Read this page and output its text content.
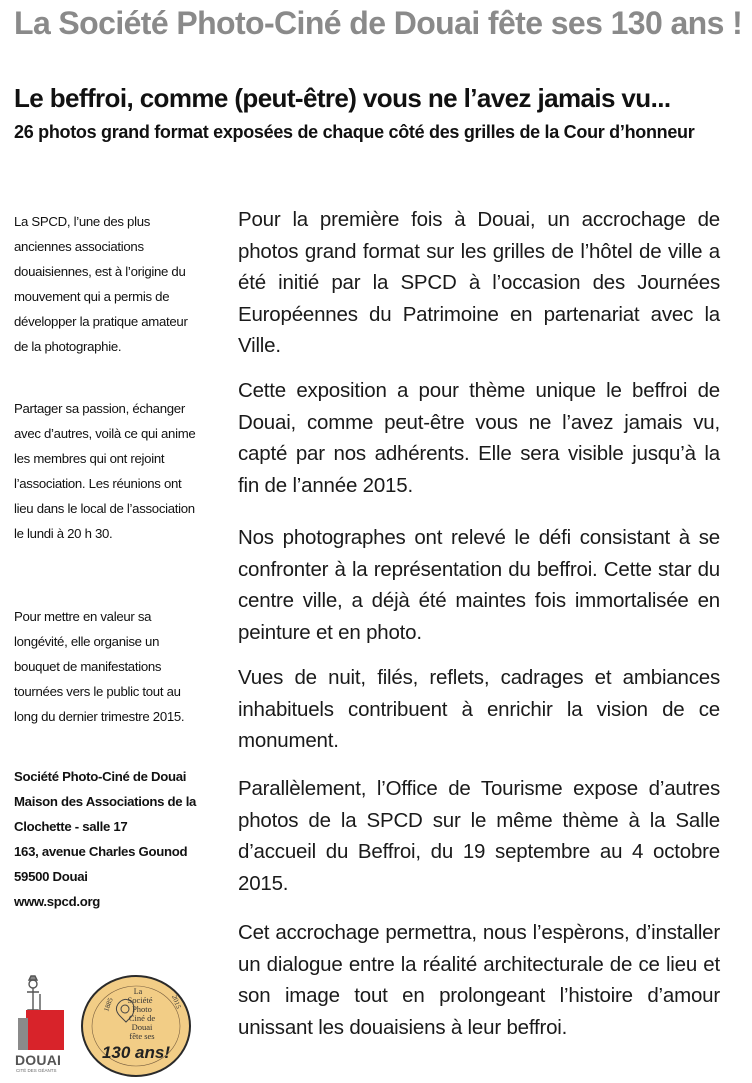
La Société Photo-Ciné de Douai fête ses 130 ans !
Le beffroi, comme (peut-être) vous ne l’avez jamais vu...
26 photos grand format exposées de chaque côté des grilles de la Cour d’honneur

La SPCD, l’une des plus anciennes associations douaisiennes, est à l’origine du mouvement qui a permis de développer la pratique amateur de la photographie.

Partager sa passion, échanger avec d’autres, voilà ce qui anime les membres qui ont rejoint l’association. Les réunions ont lieu dans le local de l’association le lundi à 20 h 30.

Pour mettre en valeur sa longévité, elle organise un bouquet de manifestations tournées vers le public tout au long du dernier trimestre 2015.

Société Photo-Ciné de Douai

Maison des Associations de la Clochette - salle 17

163, avenue Charles Gounod

59500 Douai

www.spcd.org

Pour la première fois à Douai, un accrochage de photos grand format sur les grilles de l’hôtel de ville a été initié par la SPCD à l’occasion des Journées Européennes du Patrimoine en partenariat avec la Ville.

Cette exposition a pour thème unique le beffroi de Douai, comme peut-être vous ne l’avez jamais vu, capté par nos adhérents. Elle sera visible jusqu’à la fin de l’année 2015.

Nos photographes ont relevé le défi consistant à se confronter à la représentation du beffroi. Cette star du centre ville, a déjà été maintes fois immortalisée en peinture et en photo.

Vues de nuit, filés, reflets, cadrages et ambiances inhabituels contribuent à enrichir la vision de ce monument.

Parallèlement, l’Office de Tourisme expose d’autres photos de la SPCD sur le même thème à la Salle d’accueil du Beffroi, du 19 septembre au 4 octobre 2015.

Cet accrochage permettra, nous l’espèrons, d’installer un dialogue entre la réalité architecturale de ce lieu et son image tout en prolongeant l’histoire d’amour unissant les douaisiens à leur beffroi.

DOUAI
CITÉ DES GÉANTS
1885	2015
La
Société
Photo
Ciné de
Douai
fête ses
130 ans!
